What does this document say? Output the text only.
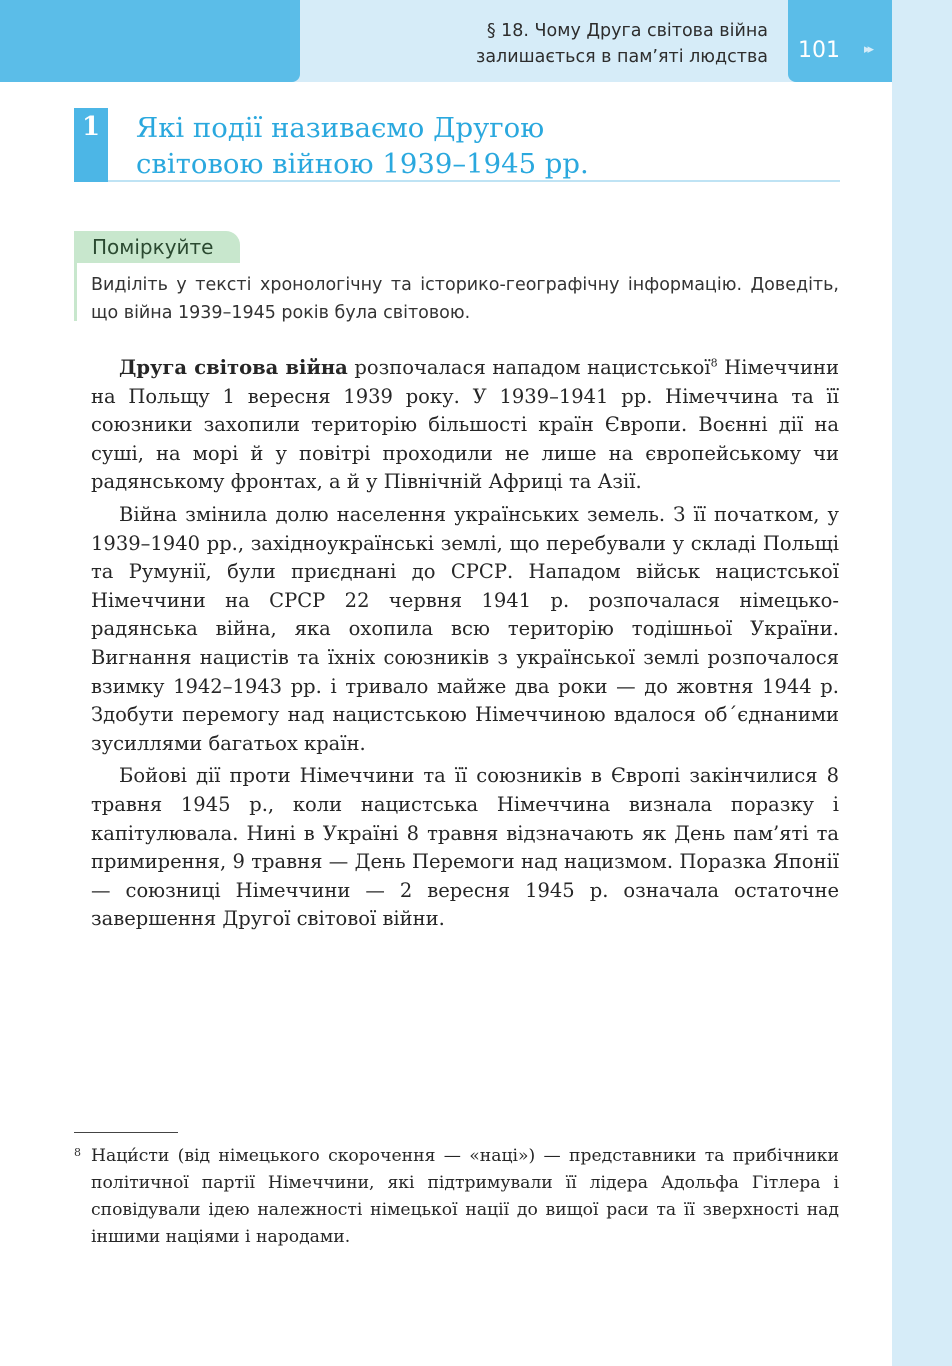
§ 18. Чому Друга світова війна
залишається в пам’яті людства 101 ▸▸
1 Які події називаємо Другою
світовою війною 1939–1945 рр.
Поміркуйте
Виділіть у тексті хронологічну та історико-географічну інформацію. Доведіть, що війна 1939–1945 років була світовою.

Друга світова війна розпочалася нападом нацистської$^8$ Німеччини на Польщу 1 вересня 1939 року. У 1939–1941 рр. Німеччина та її союзники захопили територію більшості країн Європи. Воєнні дії на суші, на морі й у повітрі проходили не лише на європейському чи радянському фронтах, а й у Північній Африці та Азії.

Війна змінила долю населення українських земель. З її початком, у 1939–1940 рр., західноукраїнські землі, що перебували у складі Польщі та Румунії, були приєднані до СРСР. Нападом військ нацистської Німеччини на СРСР 22 червня 1941 р. розпочалася німецько-радянська війна, яка охопила всю територію тодішньої України. Вигнання нацистів та їхніх союзників з української землі розпочалося взимку 1942–1943 рр. і тривало майже два роки — до жовтня 1944 р. Здобути перемогу над нацистською Німеччиною вдалося об´єднаними зусиллями багатьох країн.

Бойові дії проти Німеччини та її союзників в Європі закінчилися 8 травня 1945 р., коли нацистська Німеччина визнала поразку і капітулювала. Нині в Україні 8 травня відзначають як День пам’яті та примирення, 9 травня — День Перемоги над нацизмом. Поразка Японії — союзниці Німеччини — 2 вересня 1945 р. означала остаточне завершення Другої світової війни.

8 Наци́сти (від німецького скорочення — «наці») — представники та прибічники політичної партії Німеччини, які підтримували її лідера Адольфа Гітлера і сповідували ідею належності німецької нації до вищої раси та її зверхності над іншими націями і народами.
